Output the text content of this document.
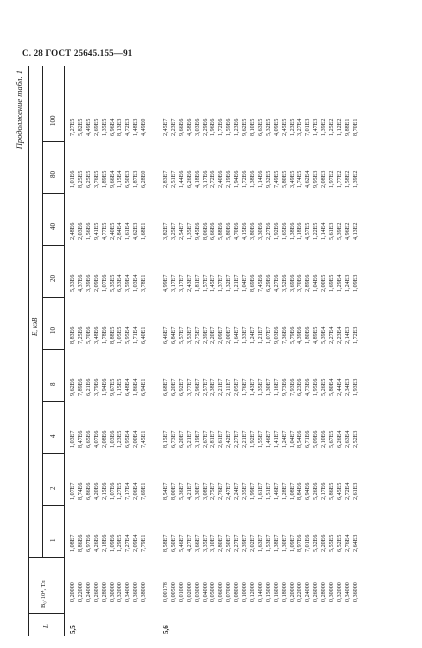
С. 28 ГОСТ 25645.155—91
Продолжение табл. 1
L
B₀·10⁴, Тл
E, кэВ
1
2
4
8
10
20
40
80
100
5,5
0,20000 0,22000 0,24000 0,26000 0,28000 0,30000 0,32000 0,34000 0,36000 0,38000
1,08E7 8,86E6 6,97E6 4,26E6 2,18E6 1,09E6 1,29E5 7,27E4 2,09E4 7,79E1
1,07E7 8,74E6 6,86E6 4,20E6 2,15E6 1,07E6 1,27E5 7,17E4 2,06E4 7,69E1
1,03E7 8,47E6 6,65E6 4,07E6 2,08E6 1,03E6 1,23E5 6,95E4 2,00E4 7,45E1
9,62E6 7,89E6 6,21E6 3,79E6 1,94E6 9,67E5 1,15E5 6,48E4 1,86E4 6,94E1
8,83E6 7,25E6 5,70E6 3,48E6 1,78E6 8,88E5 1,05E5 5,95E4 1,71E4 6,40E1
5,33E6 4,37E6 3,39E6 2,09E6 1,07E6 5,35E5 6,33E4 3,59E4 1,03E4 3,78E1
2,48E6 2,03E6 1,56E6 9,41E5 4,77E5 2,40E5 2,84E4 1,61E4 4,62E3 1,68E1
1,01E6 8,25E5 6,25E5 3,76E5 1,89E5 9,66E4 1,15E4 6,50E3 1,87E3 6,28E0
7,27E5 5,82E5 4,49E5 2,69E5 1,35E5 6,96E4 8,13E3 4,72E3 1,48E3 4,49E0
5,6
0,00178 0,00500 0,01000 0,02000 0,03000 0,04000 0,05000 0,06000 0,07000 0,08000 0,10000 0,12000 0,14000 0,15000 0,16000 0,18000 0,20000 0,22000 0,24000 0,26000 0,28000 0,30000 0,32000 0,34000 0,36000
8,58E7 6,50E7 5,46E7 4,27E7 3,66E7 3,35E7 3,10E7 2,80E7 2,50E7 2,27E7 2,39E7 2,02E7 1,63E7 1,53E7 1,38E7 1,30E7 1,09E7 8,97E6 7,01E6 5,32E6 2,20E6 5,55E5 6,52E5 2,76E4 2,64E3
8,54E7 8,00E7 5,36E7 4,21E7 3,30E7 3,08E7 2,75E7 2,76E7 2,47E7 2,24E7 2,35E7 1,99E7 1,61E7 1,51E7 1,46E7 1,28E7 1,08E7 8,84E6 6,94E6 5,26E6 2,17E6 5,86E5 6,45E5 2,72E4 2,61E3
8,15E7 6,73E7 6,20E7 5,21E7 3,19E7 2,67E7 2,81E7 2,61E7 2,42E7 2,27E7 2,21E7 1,92E7 1,55E7 1,46E7 1,41E7 1,24E7 1,04E7 8,54E6 6,71E6 5,09E6 2,10E6 5,67E5 6,26E4 2,63E4 2,52E3
6,68E7 6,20E7 6,92E7 3,77E7 2,96E7 2,57E7 2,38E7 2,21E7 2,11E7 2,05E7 1,76E7 1,43E7 1,35E7 1,30E7 1,16E7 9,73E6 7,93E6 6,23E6 4,73E6 1,95E6 5,26E5 5,80E4 2,44E4 2,34E3 1,93E3
6,46E7 6,84E7 5,57E7 3,53E7 2,75E7 2,39E7 2,20E7 2,09E7 2,00E7 1,64E7 1,33E7 1,24E7 1,21E7 1,07E7 9,03E6 7,36E6 5,79E6 4,39E6 1,80E6 4,89E5 5,39E4 2,27E4 2,23E4 2,14E3 1,72E3
4,99E7 3,17E7 3,17E7 2,43E7 1,81E7 1,57E7 1,45E7 1,37E7 1,32E7 1,21E7 1,04E7 8,69E6 7,45E6 6,29E6 4,27E6 3,52E6 3,69E6 3,70E6 2,89E6 1,04E6 2,00E5 1,69E5 1,29E4 1,24E3 1,09E3
3,82E7 3,25E7 2,54E7 1,35E7 9,45E6 8,06E6 6,66E6 5,88E6 5,80E6 4,70E6 4,15E6 3,80E6 3,30E6 2,27E6 1,92E6 1,65E6 1,38E6 1,18E6 4,57E5 1,22E5 1,14E4 5,61E3 5,39E2 4,96E2 4,13E2
2,83E7 2,51E7 1,44E6 6,26E6 4,18E6 3,17E6 2,72E6 2,40E6 2,19E6 1,94E6 1,72E6 1,38E6 1,14E6 9,32E5 7,49E5 5,80E5 3,49E5 1,74E5 4,62E4 9,95E3 2,08E3 1,97E2 1,77E2 1,58E2 1,39E2
2,45E7 2,23E7 9,66E6 4,58E6 3,03E6 2,29E6 1,96E6 1,72E6 1,59E6 1,23E6 9,62E5 8,10E5 6,63E5 5,32E5 4,09E5 2,45E5 1,23E5 3,27E4 7,01E3 1,47E3 1,39E2 1,25E2 1,12E2 9,88E1 8,70E1
